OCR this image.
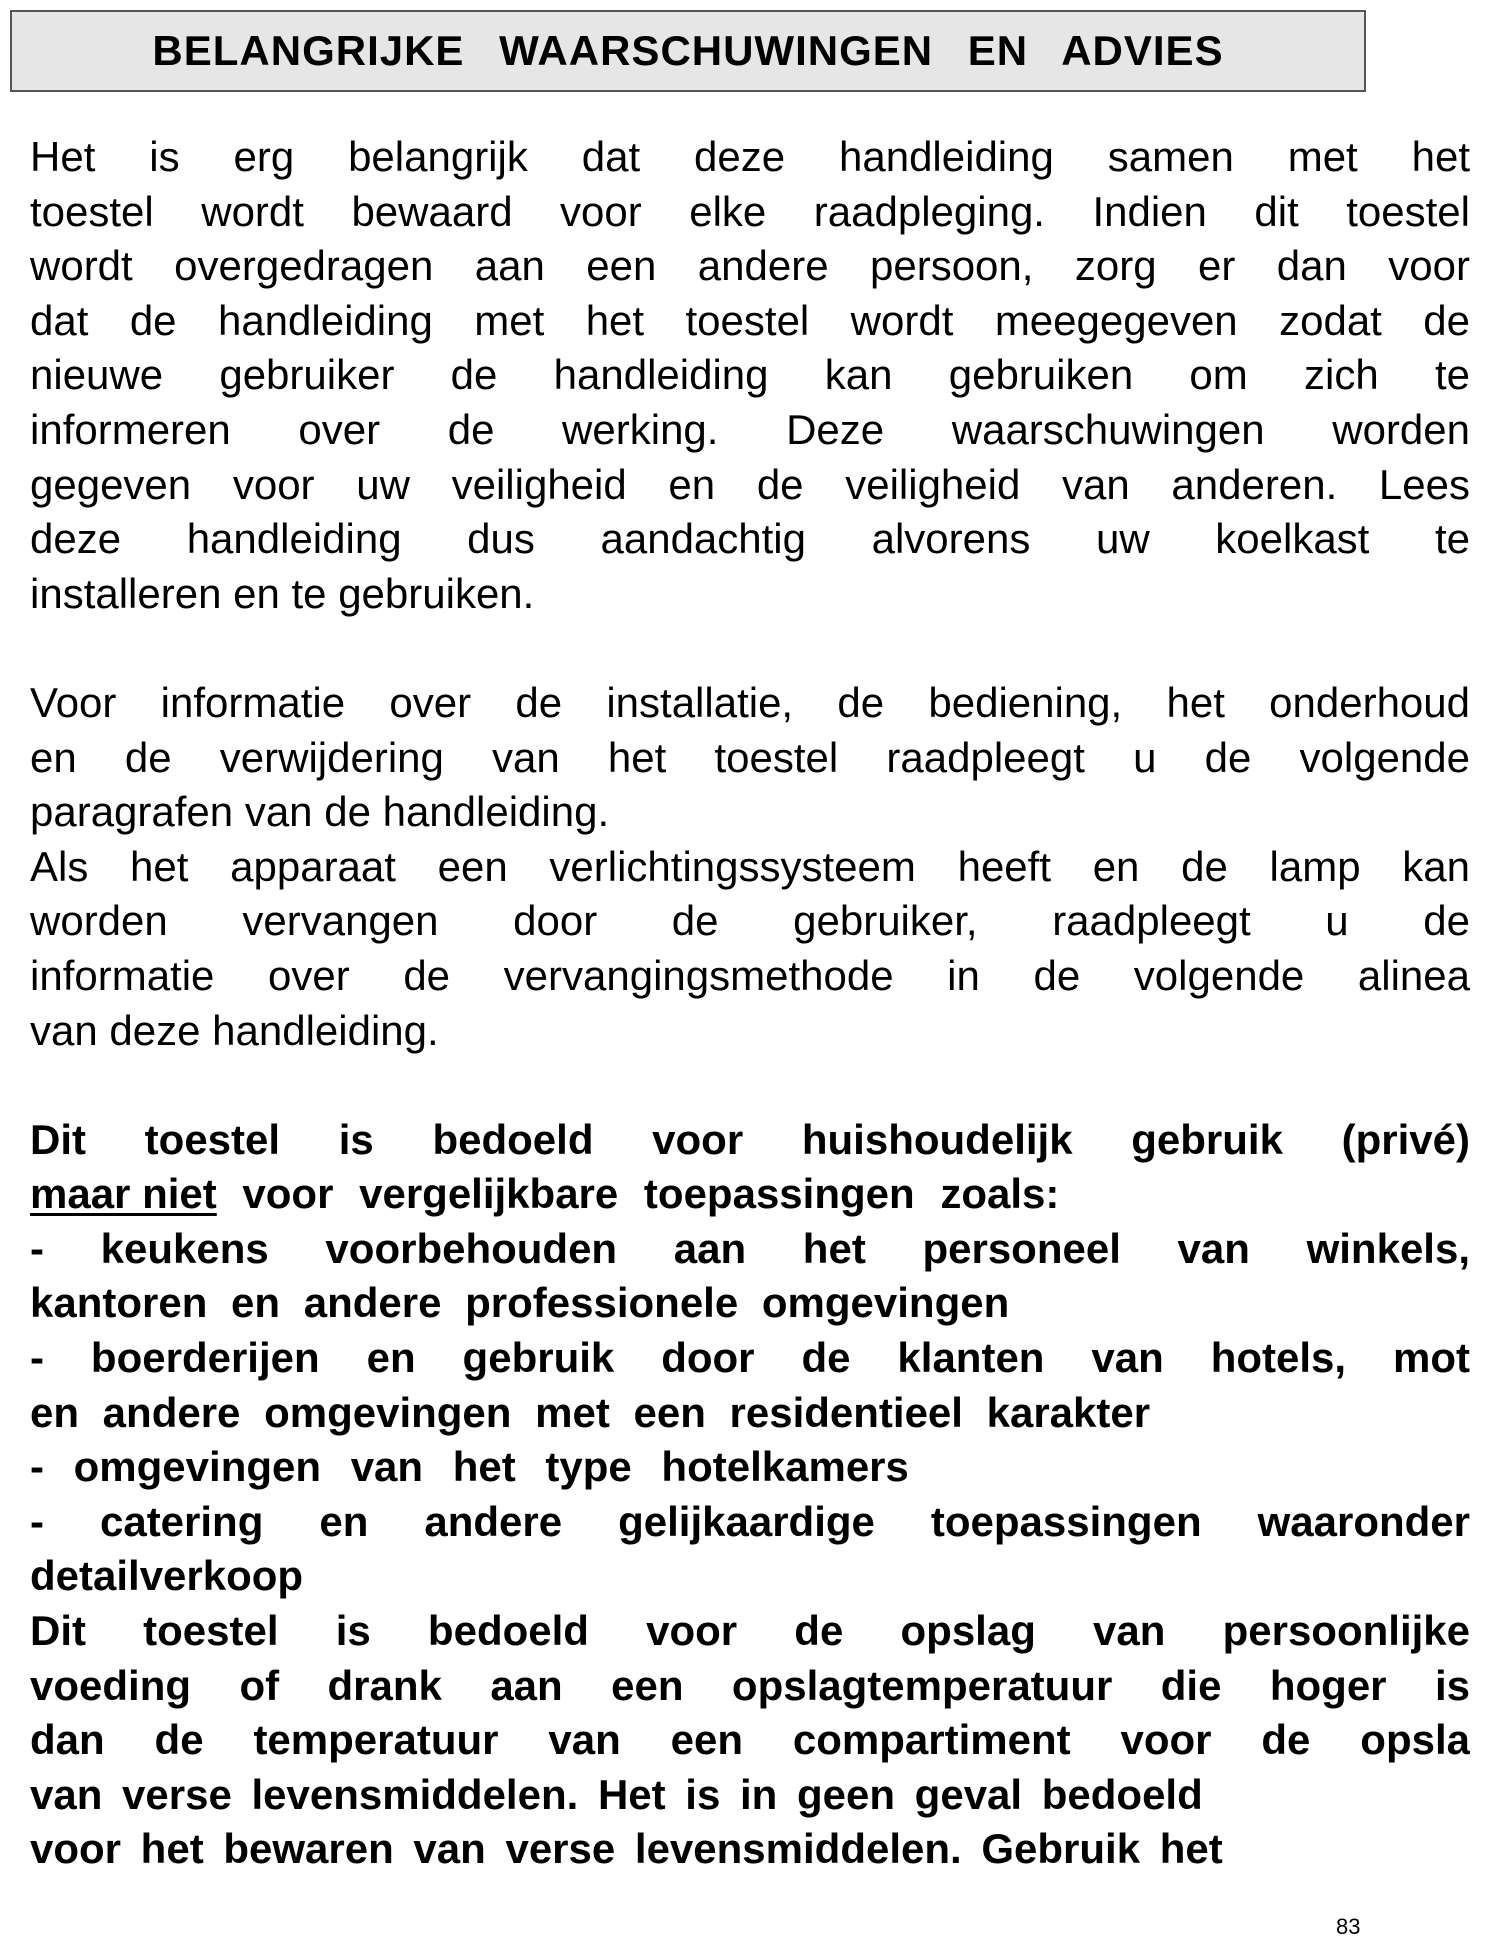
BELANGRIJKE WAARSCHUWINGEN EN ADVIES
Het is erg belangrijk dat deze handleiding samen met het
toestel wordt bewaard voor elke raadpleging. Indien dit toestel
wordt overgedragen aan een andere persoon, zorg er dan voor
dat de handleiding met het toestel wordt meegegeven zodat de
nieuwe gebruiker de handleiding kan gebruiken om zich te
informeren over de werking. Deze waarschuwingen worden
gegeven voor uw veiligheid en de veiligheid van anderen. Lees
deze handleiding dus aandachtig alvorens uw koelkast te
installeren en te gebruiken.
Voor informatie over de installatie, de bediening, het onderhoud
en de verwijdering van het toestel raadpleegt u de volgende
paragrafen van de handleiding.
Als het apparaat een verlichtingssysteem heeft en de lamp kan
worden vervangen door de gebruiker, raadpleegt u de
informatie over de vervangingsmethode in de volgende alinea
van deze handleiding.
Dit toestel is bedoeld voor huishoudelijk gebruik (privé)
maar niet voor vergelijkbare toepassingen zoals:
- keukens voorbehouden aan het personeel van winkels,
kantoren en andere professionele omgevingen
- boerderijen en gebruik door de klanten van hotels, mot
en andere omgevingen met een residentieel karakter
- omgevingen van het type hotelkamers
- catering en andere gelijkaardige toepassingen waaronder
detailverkoop
Dit toestel is bedoeld voor de opslag van persoonlijke
voeding of drank aan een opslagtemperatuur die hoger is
dan de temperatuur van een compartiment voor de opsla
van verse levensmiddelen. Het is in geen geval bedoeld
voor het bewaren van verse levensmiddelen. Gebruik het
83
